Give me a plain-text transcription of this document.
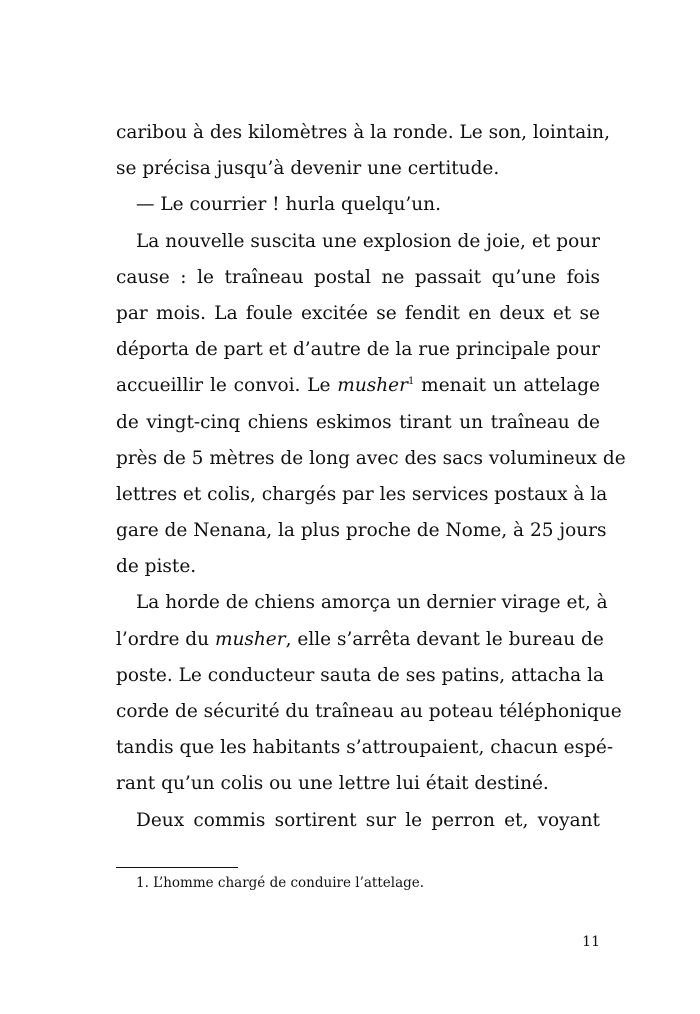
caribou à des kilomètres à la ronde. Le son, lointain,
se précisa jusqu’à devenir une certitude.
— Le courrier ! hurla quelqu’un.
La nouvelle suscita une explosion de joie, et pour
cause : le traîneau postal ne passait qu’une fois
par mois. La foule excitée se fendit en deux et se
déporta de part et d’autre de la rue principale pour
accueillir le convoi. Le musher$^1$ menait un attelage
de vingt-cinq chiens eskimos tirant un traîneau de
près de 5 mètres de long avec des sacs volumineux de
lettres et colis, chargés par les services postaux à la
gare de Nenana, la plus proche de Nome, à 25 jours
de piste.
La horde de chiens amorça un dernier virage et, à
l’ordre du musher, elle s’arrêta devant le bureau de
poste. Le conducteur sauta de ses patins, attacha la
corde de sécurité du traîneau au poteau téléphonique
tandis que les habitants s’attroupaient, chacun espé-
rant qu’un colis ou une lettre lui était destiné.
Deux commis sortirent sur le perron et, voyant
1. L’homme chargé de conduire l’attelage.
11
